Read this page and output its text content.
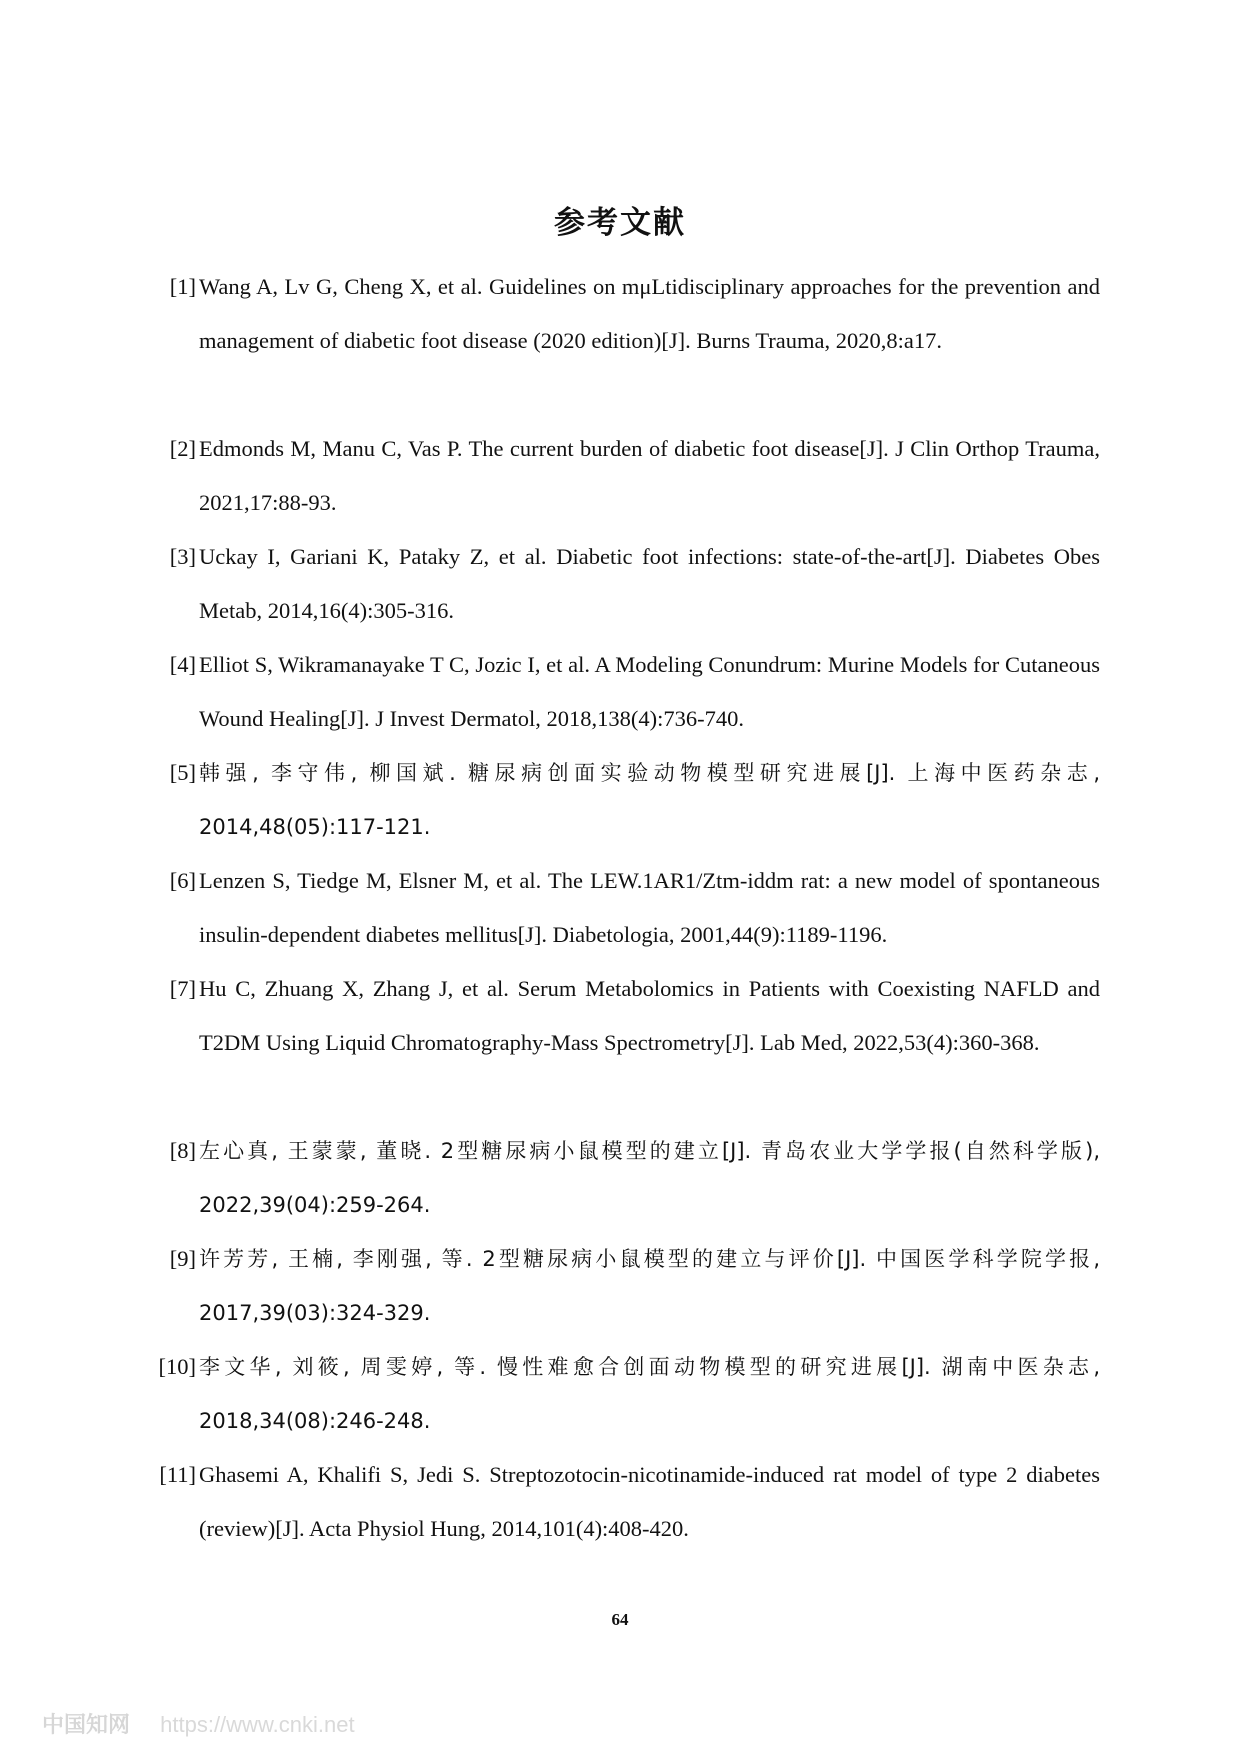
参考文献
[1] Wang A, Lv G, Cheng X, et al. Guidelines on mμLtidisciplinary approaches for the prevention and management of diabetic foot disease (2020 edition)[J]. Burns Trauma, 2020,8:a17.
[2] Edmonds M, Manu C, Vas P. The current burden of diabetic foot disease[J]. J Clin Orthop Trauma, 2021,17:88-93.
[3] Uckay I, Gariani K, Pataky Z, et al. Diabetic foot infections: state-of-the-art[J]. Diabetes Obes Metab, 2014,16(4):305-316.
[4] Elliot S, Wikramanayake T C, Jozic I, et al. A Modeling Conundrum: Murine Models for Cutaneous Wound Healing[J]. J Invest Dermatol, 2018,138(4):736-740.
[5] 韩强, 李守伟, 柳国斌. 糖尿病创面实验动物模型研究进展[J]. 上海中医药杂志, 2014,48(05):117-121.
[6] Lenzen S, Tiedge M, Elsner M, et al. The LEW.1AR1/Ztm-iddm rat: a new model of spontaneous insulin-dependent diabetes mellitus[J]. Diabetologia, 2001,44(9):1189-1196.
[7] Hu C, Zhuang X, Zhang J, et al. Serum Metabolomics in Patients with Coexisting NAFLD and T2DM Using Liquid Chromatography-Mass Spectrometry[J]. Lab Med, 2022,53(4):360-368.
[8] 左心真, 王蒙蒙, 董晓. 2型糖尿病小鼠模型的建立[J]. 青岛农业大学学报(自然科学版), 2022,39(04):259-264.
[9] 许芳芳, 王楠, 李刚强, 等. 2型糖尿病小鼠模型的建立与评价[J]. 中国医学科学院学报, 2017,39(03):324-329.
[10] 李文华, 刘筱, 周雯婷, 等. 慢性难愈合创面动物模型的研究进展[J]. 湖南中医杂志, 2018,34(08):246-248.
[11] Ghasemi A, Khalifi S, Jedi S. Streptozotocin-nicotinamide-induced rat model of type 2 diabetes (review)[J]. Acta Physiol Hung, 2014,101(4):408-420.
64
中国知网 https://www.cnki.net
